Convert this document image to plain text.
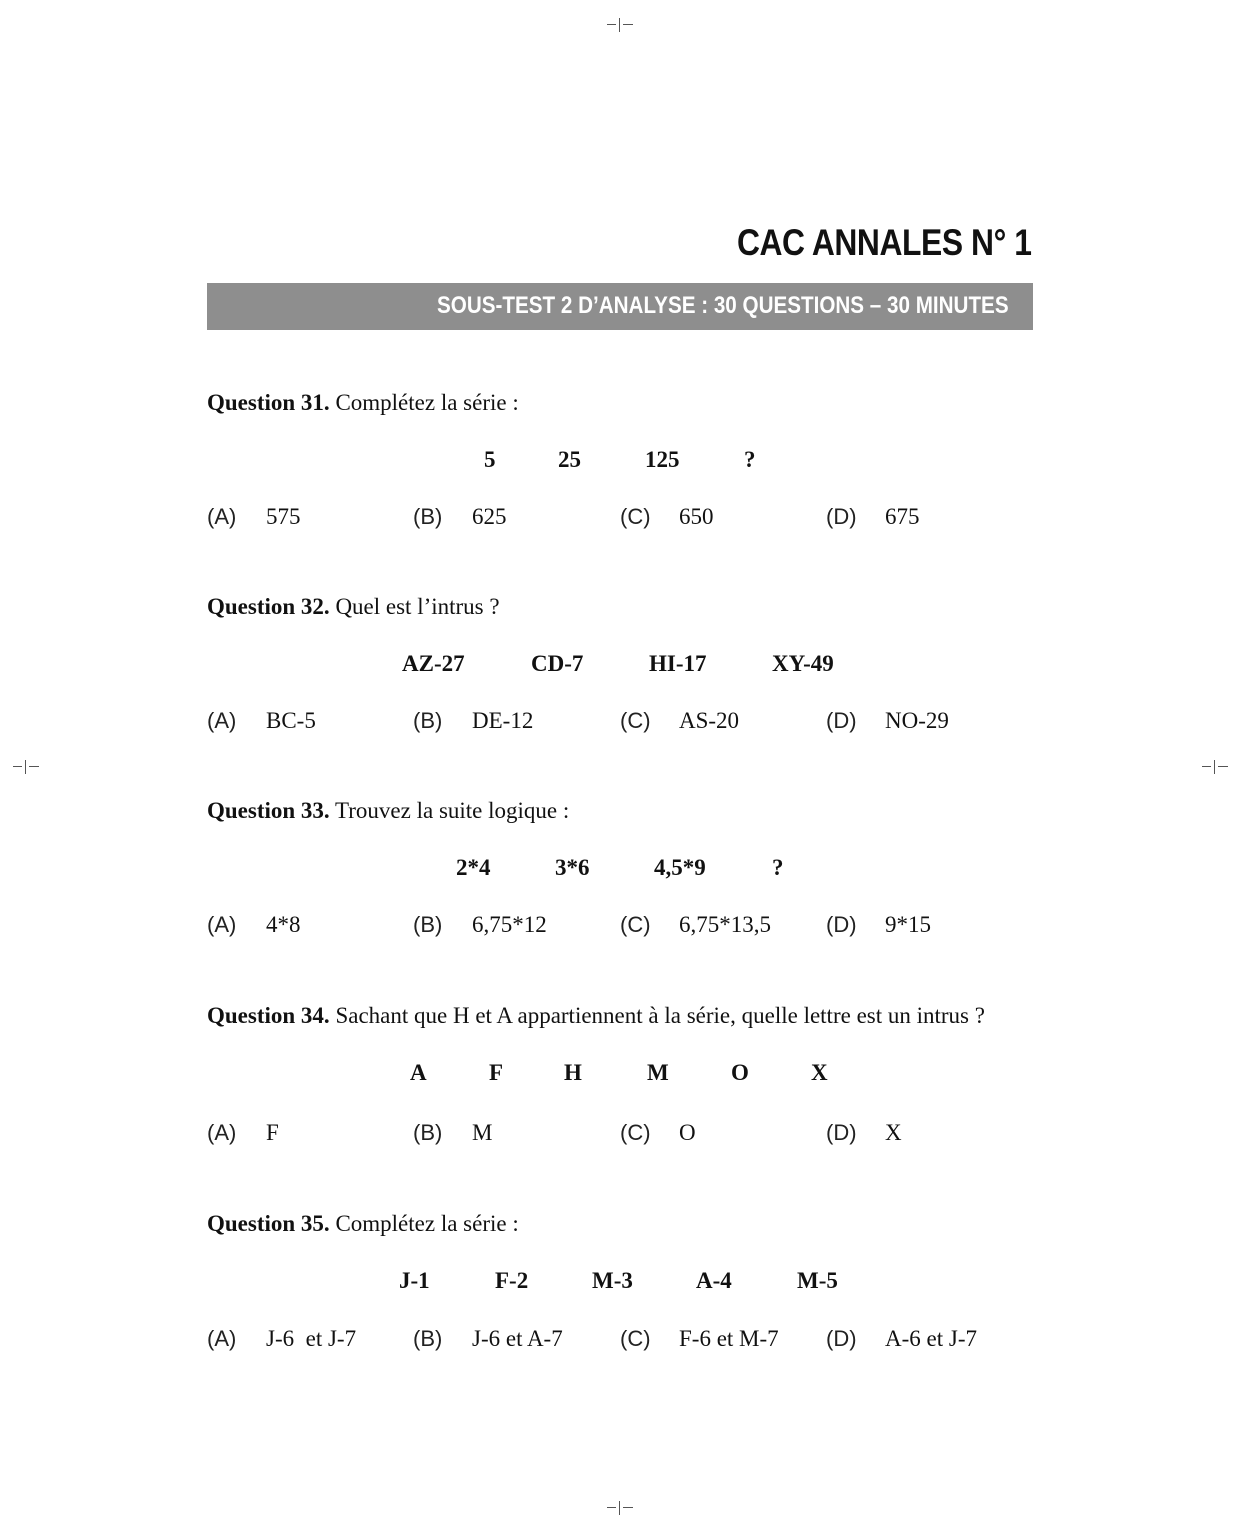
CAC ANNALES N° 1
SOUS-TEST 2 D’ANALYSE : 30 QUESTIONS – 30 MINUTES
Question 31. Complétez la série :
5	25	125	?
(A) 575	(B) 625	(C) 650	(D) 675
Question 32. Quel est l’intrus ?
AZ-27	CD-7	HI-17	XY-49
(A) BC-5	(B) DE-12	(C) AS-20	(D) NO-29
Question 33. Trouvez la suite logique :
2*4	3*6	4,5*9	?
(A) 4*8	(B) 6,75*12	(C) 6,75*13,5	(D) 9*15
Question 34. Sachant que H et A appartiennent à la série, quelle lettre est un intrus ?
A	F	H	M	O	X
(A) F	(B) M	(C) O	(D) X
Question 35. Complétez la série :
J-1	F-2	M-3	A-4	M-5
(A) J-6  et J-7	(B) J-6 et A-7	(C) F-6 et M-7 (D) A-6 et J-7
